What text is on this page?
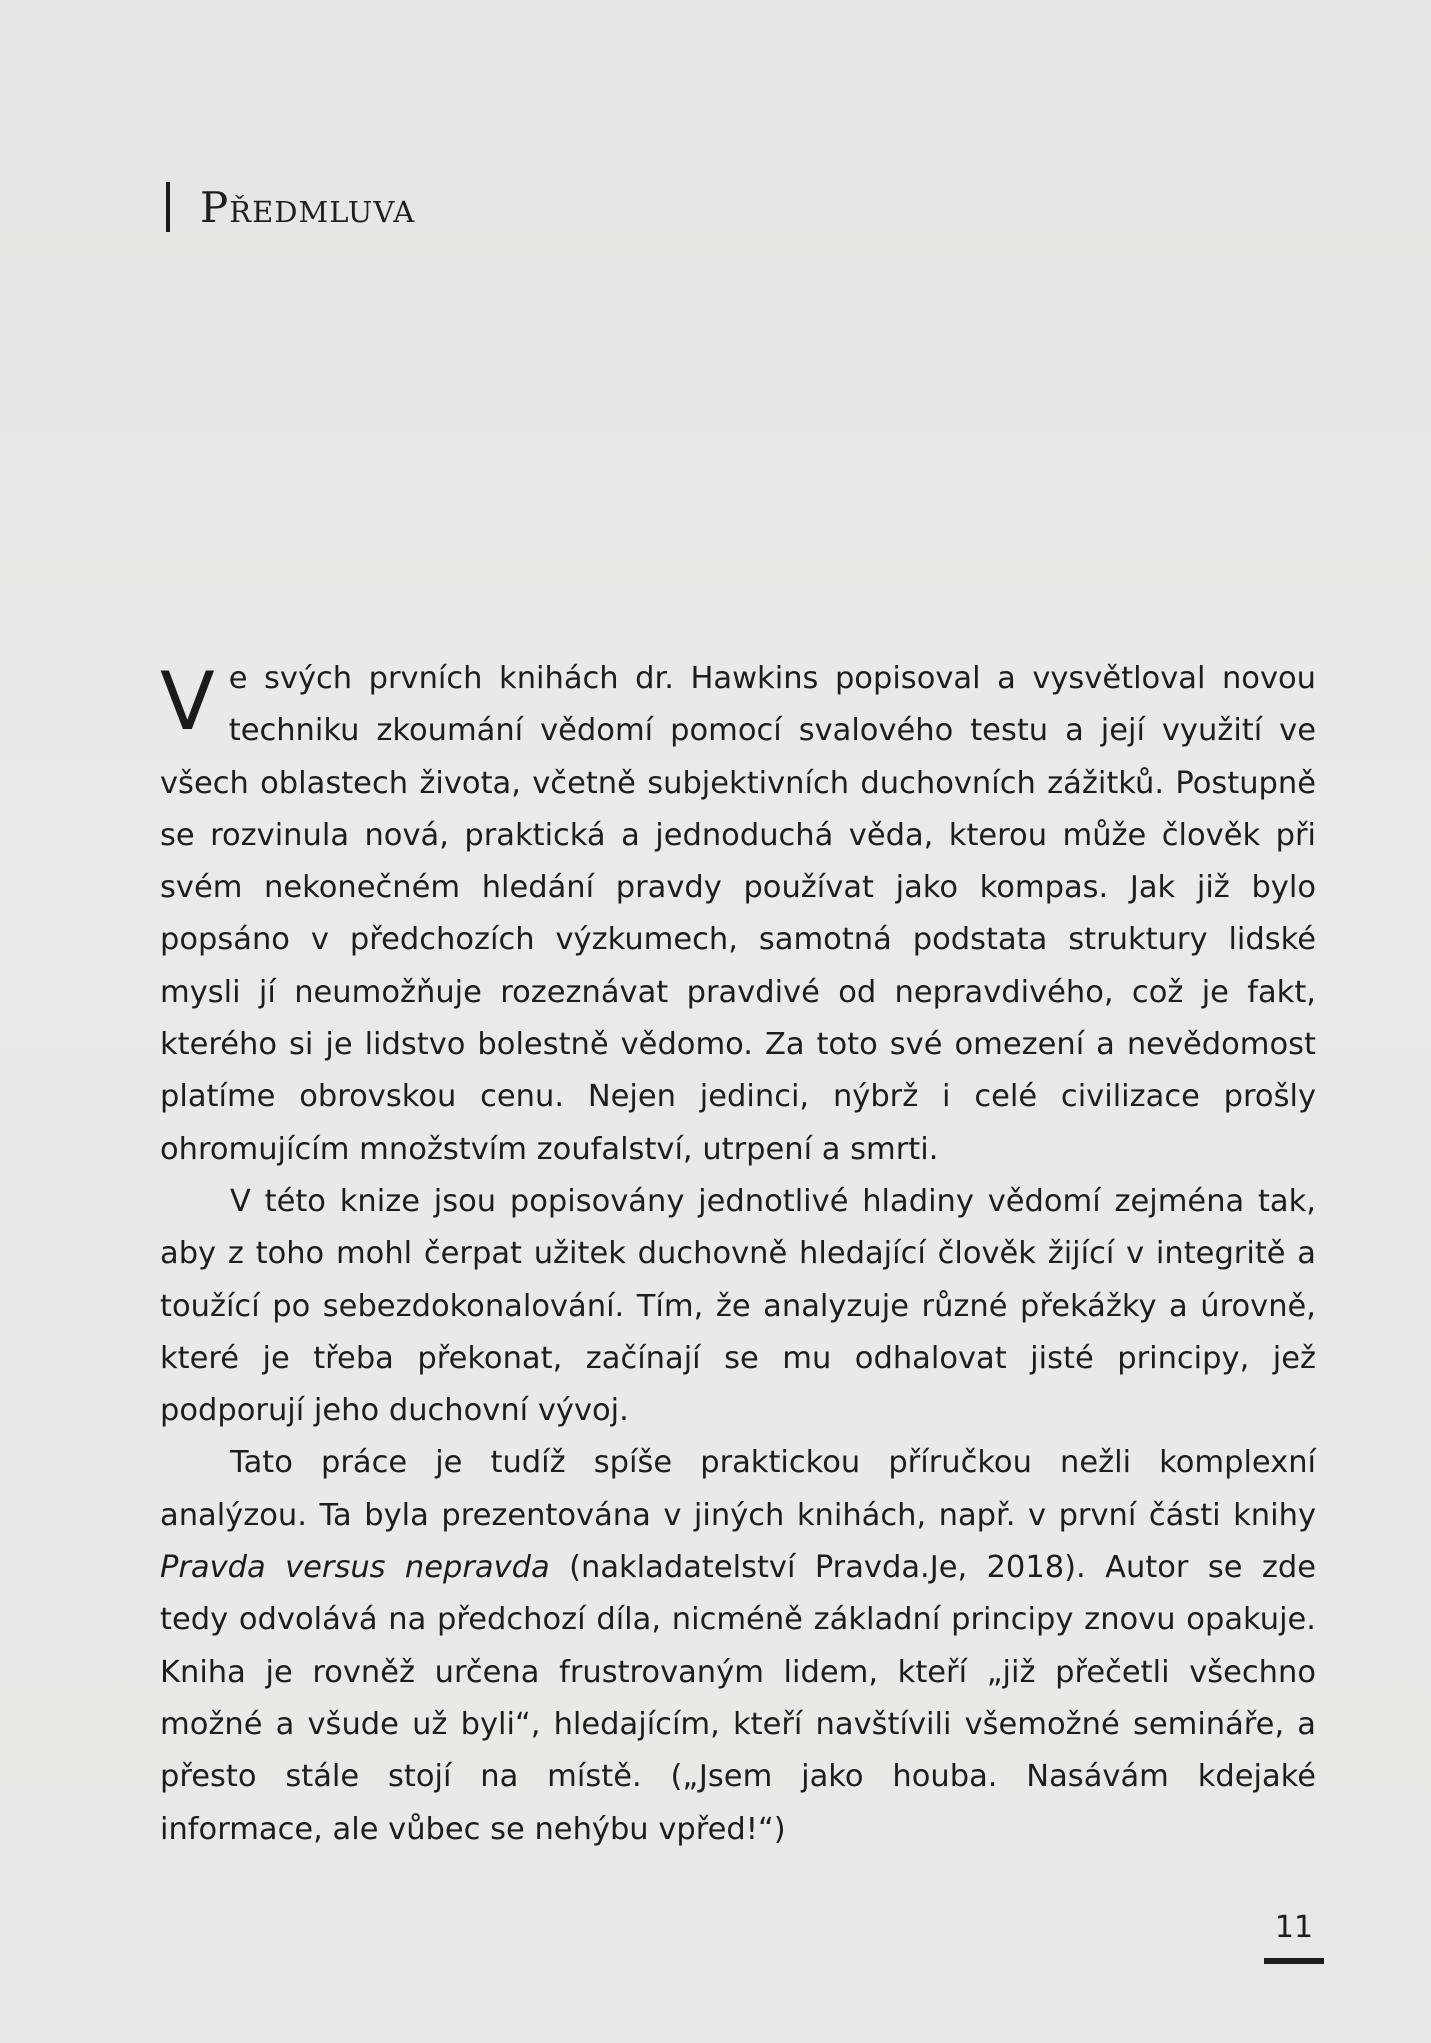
Předmluva

Ve svých prvních knihách dr. Hawkins popisoval a vysvětloval novou techniku zkoumání vědomí pomocí svalového testu a její využití ve všech oblastech života, včetně subjektivních duchovních zážitků. Postupně se rozvinula nová, praktická a jednoduchá věda, kterou může člověk při svém nekonečném hledání pravdy používat jako kompas. Jak již bylo popsáno v předchozích výzkumech, samotná podstata struktury lidské mysli jí neumožňuje rozeznávat pravdivé od nepravdivého, což je fakt, kterého si je lidstvo bolestně vědomo. Za toto své omezení a nevědomost platíme obrovskou cenu. Nejen jedinci, nýbrž i celé civilizace prošly ohromujícím množstvím zoufalství, utrpení a smrti.

V této knize jsou popisovány jednotlivé hladiny vědomí zejména tak, aby z toho mohl čerpat užitek duchovně hledající člověk žijící v integritě a toužící po sebezdokonalování. Tím, že analyzuje různé překážky a úrovně, které je třeba překonat, začínají se mu odhalovat jisté principy, jež podporují jeho duchovní vývoj.

Tato práce je tudíž spíše praktickou příručkou nežli komplexní analýzou. Ta byla prezentována v jiných knihách, např. v první části knihy Pravda versus nepravda (nakladatelství Pravda.Je, 2018). Autor se zde tedy odvolává na předchozí díla, nicméně základní principy znovu opakuje. Kniha je rovněž určena frustrovaným lidem, kteří „již přečetli všechno možné a všude už byli“, hledajícím, kteří navštívili všemožné semináře, a přesto stále stojí na místě. („Jsem jako houba. Nasávám kdejaké informace, ale vůbec se nehýbu vpřed!“)

11
